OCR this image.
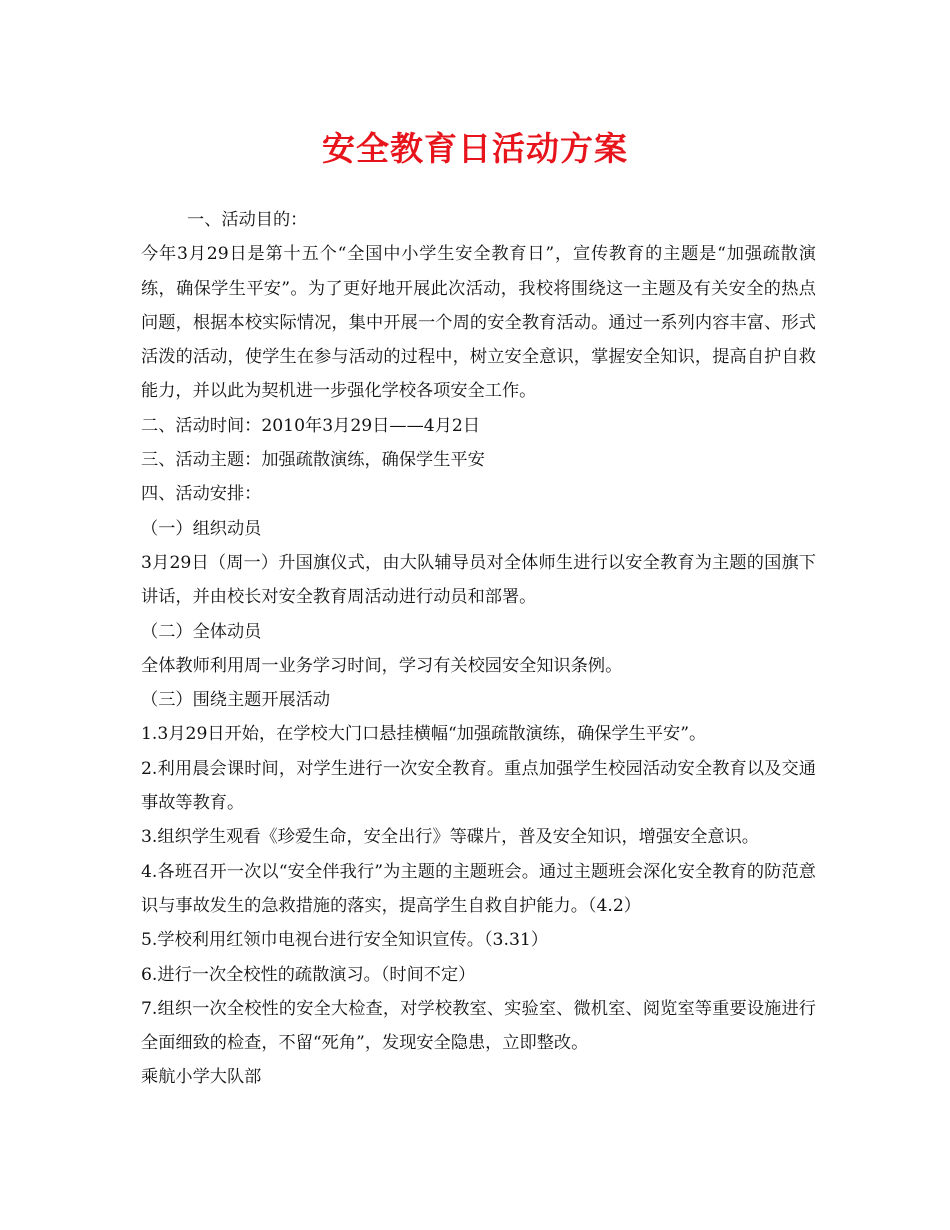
安全教育日活动方案

一、活动目的：

今年3月29日是第十五个“全国中小学生安全教育日”，宣传教育的主题是“加强疏散演练，确保学生平安”。为了更好地开展此次活动，我校将围绕这一主题及有关安全的热点问题，根据本校实际情况，集中开展一个周的安全教育活动。通过一系列内容丰富、形式活泼的活动，使学生在参与活动的过程中，树立安全意识，掌握安全知识，提高自护自救能力，并以此为契机进一步强化学校各项安全工作。

二、活动时间：2010年3月29日——4月2日

三、活动主题：加强疏散演练，确保学生平安

四、活动安排：

（一）组织动员

3月29日（周一）升国旗仪式，由大队辅导员对全体师生进行以安全教育为主题的国旗下讲话，并由校长对安全教育周活动进行动员和部署。

（二）全体动员

全体教师利用周一业务学习时间，学习有关校园安全知识条例。

（三）围绕主题开展活动

1.3月29日开始，在学校大门口悬挂横幅“加强疏散演练，确保学生平安”。

2.利用晨会课时间，对学生进行一次安全教育。重点加强学生校园活动安全教育以及交通事故等教育。

3.组织学生观看《珍爱生命，安全出行》等碟片，普及安全知识，增强安全意识。

4.各班召开一次以“安全伴我行”为主题的主题班会。通过主题班会深化安全教育的防范意识与事故发生的急救措施的落实，提高学生自救自护能力。（4.2）

5.学校利用红领巾电视台进行安全知识宣传。（3.31）

6.进行一次全校性的疏散演习。（时间不定）

7.组织一次全校性的安全大检查，对学校教室、实验室、微机室、阅览室等重要设施进行全面细致的检查，不留“死角”，发现安全隐患，立即整改。

乘航小学大队部
